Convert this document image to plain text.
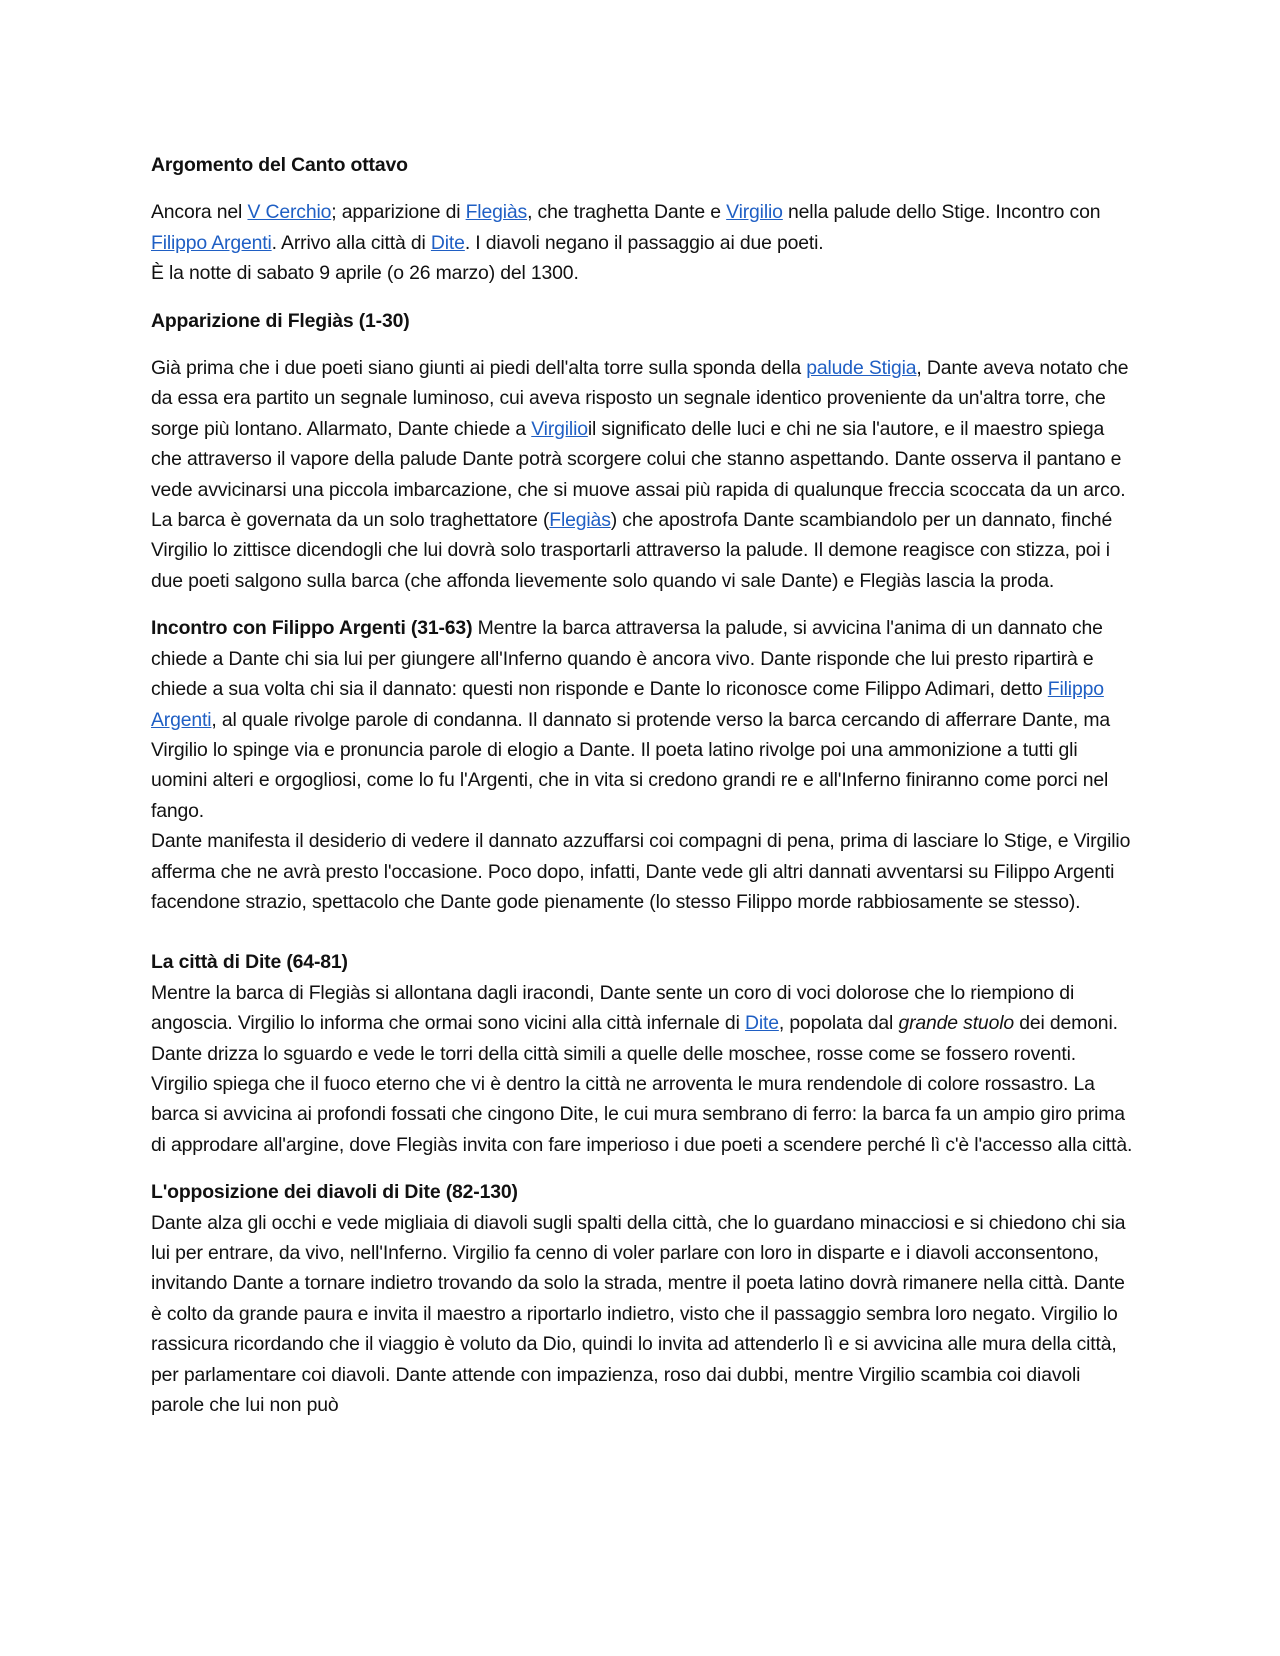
Argomento del Canto ottavo

Ancora nel V Cerchio; apparizione di Flegiàs, che traghetta Dante e Virgilio nella palude dello Stige. Incontro con Filippo Argenti. Arrivo alla città di Dite. I diavoli negano il passaggio ai due poeti.
È la notte di sabato 9 aprile (o 26 marzo) del 1300.

Apparizione di Flegiàs (1-30)

Già prima che i due poeti siano giunti ai piedi dell'alta torre sulla sponda della palude Stigia, Dante aveva notato che da essa era partito un segnale luminoso, cui aveva risposto un segnale identico proveniente da un'altra torre, che sorge più lontano. Allarmato, Dante chiede a Virgilioil significato delle luci e chi ne sia l'autore, e il maestro spiega che attraverso il vapore della palude Dante potrà scorgere colui che stanno aspettando. Dante osserva il pantano e vede avvicinarsi una piccola imbarcazione, che si muove assai più rapida di qualunque freccia scoccata da un arco. La barca è governata da un solo traghettatore (Flegiàs) che apostrofa Dante scambiandolo per un dannato, finché Virgilio lo zittisce dicendogli che lui dovrà solo trasportarli attraverso la palude. Il demone reagisce con stizza, poi i due poeti salgono sulla barca (che affonda lievemente solo quando vi sale Dante) e Flegiàs lascia la proda.

Incontro con Filippo Argenti (31-63) Mentre la barca attraversa la palude, si avvicina l'anima di un dannato che chiede a Dante chi sia lui per giungere all'Inferno quando è ancora vivo. Dante risponde che lui presto ripartirà e chiede a sua volta chi sia il dannato: questi non risponde e Dante lo riconosce come Filippo Adimari, detto Filippo Argenti, al quale rivolge parole di condanna. Il dannato si protende verso la barca cercando di afferrare Dante, ma Virgilio lo spinge via e pronuncia parole di elogio a Dante. Il poeta latino rivolge poi una ammonizione a tutti gli uomini alteri e orgogliosi, come lo fu l'Argenti, che in vita si credono grandi re e all'Inferno finiranno come porci nel fango.
Dante manifesta il desiderio di vedere il dannato azzuffarsi coi compagni di pena, prima di lasciare lo Stige, e Virgilio afferma che ne avrà presto l'occasione. Poco dopo, infatti, Dante vede gli altri dannati avventarsi su Filippo Argenti facendone strazio, spettacolo che Dante gode pienamente (lo stesso Filippo morde rabbiosamente se stesso).

La città di Dite (64-81)
Mentre la barca di Flegiàs si allontana dagli iracondi, Dante sente un coro di voci dolorose che lo riempiono di angoscia. Virgilio lo informa che ormai sono vicini alla città infernale di Dite, popolata dal grande stuolo dei demoni. Dante drizza lo sguardo e vede le torri della città simili a quelle delle moschee, rosse come se fossero roventi. Virgilio spiega che il fuoco eterno che vi è dentro la città ne arroventa le mura rendendole di colore rossastro. La barca si avvicina ai profondi fossati che cingono Dite, le cui mura sembrano di ferro: la barca fa un ampio giro prima di approdare all'argine, dove Flegiàs invita con fare imperioso i due poeti a scendere perché lì c'è l'accesso alla città.

L'opposizione dei diavoli di Dite (82-130)
Dante alza gli occhi e vede migliaia di diavoli sugli spalti della città, che lo guardano minacciosi e si chiedono chi sia lui per entrare, da vivo, nell'Inferno. Virgilio fa cenno di voler parlare con loro in disparte e i diavoli acconsentono, invitando Dante a tornare indietro trovando da solo la strada, mentre il poeta latino dovrà rimanere nella città. Dante è colto da grande paura e invita il maestro a riportarlo indietro, visto che il passaggio sembra loro negato. Virgilio lo rassicura ricordando che il viaggio è voluto da Dio, quindi lo invita ad attenderlo lì e si avvicina alle mura della città, per parlamentare coi diavoli. Dante attende con impazienza, roso dai dubbi, mentre Virgilio scambia coi diavoli parole che lui non può
